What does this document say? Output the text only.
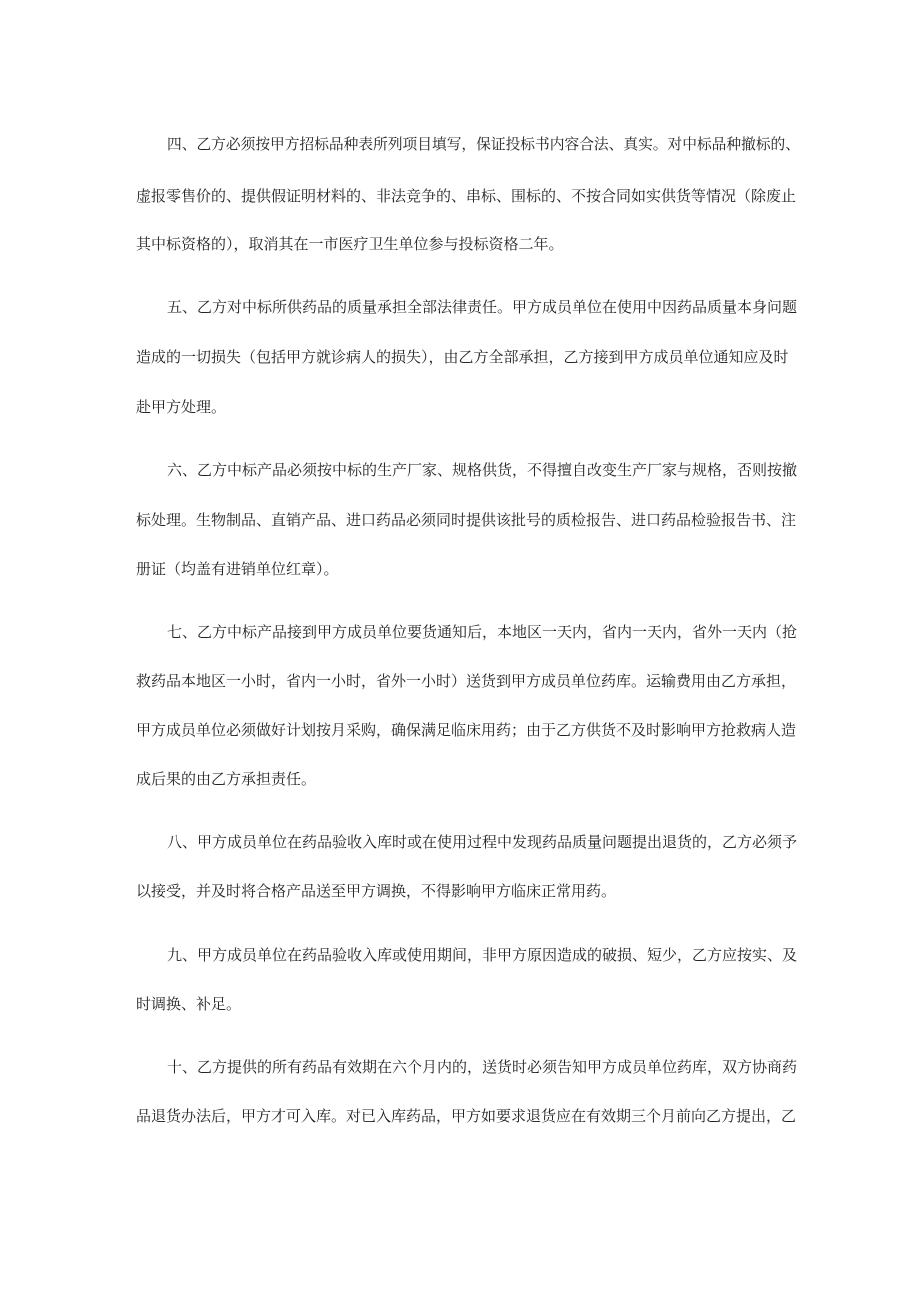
四、乙方必须按甲方招标品种表所列项目填写，保证投标书内容合法、真实。对中标品种撤标的、
虚报零售价的、提供假证明材料的、非法竞争的、串标、围标的、不按合同如实供货等情况（除废止
其中标资格的），取消其在一市医疗卫生单位参与投标资格二年。
五、乙方对中标所供药品的质量承担全部法律责任。甲方成员单位在使用中因药品质量本身问题
造成的一切损失（包括甲方就诊病人的损失），由乙方全部承担，乙方接到甲方成员单位通知应及时
赴甲方处理。
六、乙方中标产品必须按中标的生产厂家、规格供货，不得擅自改变生产厂家与规格，否则按撤
标处理。生物制品、直销产品、进口药品必须同时提供该批号的质检报告、进口药品检验报告书、注
册证（均盖有进销单位红章）。
七、乙方中标产品接到甲方成员单位要货通知后，本地区一天内，省内一天内，省外一天内（抢
救药品本地区一小时，省内一小时，省外一小时）送货到甲方成员单位药库。运输费用由乙方承担，
甲方成员单位必须做好计划按月采购，确保满足临床用药；由于乙方供货不及时影响甲方抢救病人造
成后果的由乙方承担责任。
八、甲方成员单位在药品验收入库时或在使用过程中发现药品质量问题提出退货的，乙方必须予
以接受，并及时将合格产品送至甲方调换，不得影响甲方临床正常用药。
九、甲方成员单位在药品验收入库或使用期间，非甲方原因造成的破损、短少，乙方应按实、及
时调换、补足。
十、乙方提供的所有药品有效期在六个月内的，送货时必须告知甲方成员单位药库，双方协商药
品退货办法后，甲方才可入库。对已入库药品，甲方如要求退货应在有效期三个月前向乙方提出，乙
